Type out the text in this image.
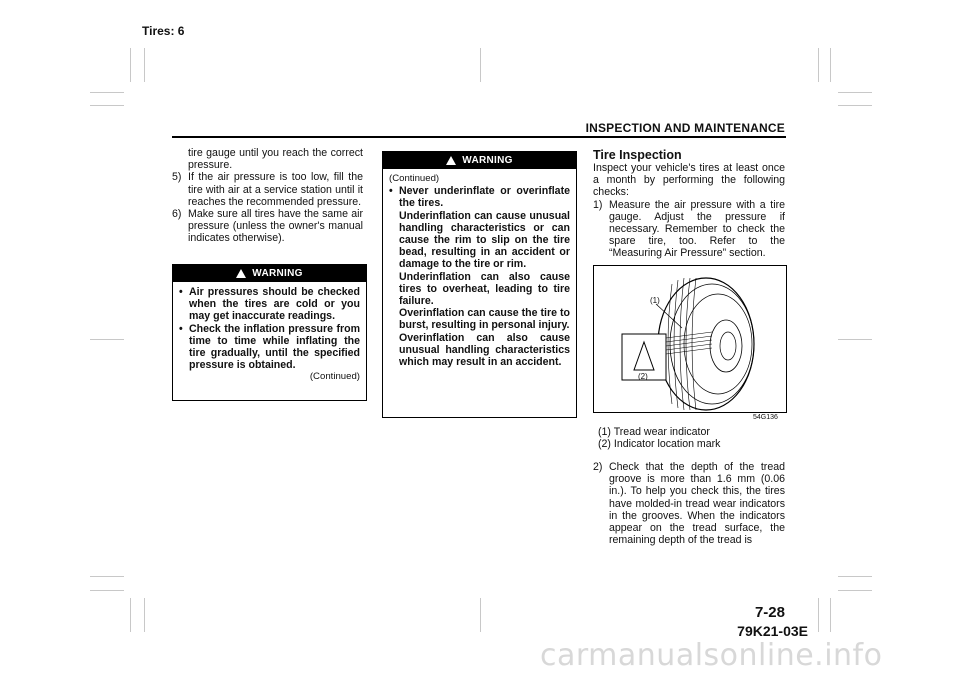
Tires: 6
INSPECTION AND MAINTENANCE
tire gauge until you reach the correct pressure.
5) If the air pressure is too low, fill the tire with air at a service station until it reaches the recommended pressure.
6) Make sure all tires have the same air pressure (unless the owner's manual indicates otherwise).
WARNING
• Air pressures should be checked when the tires are cold or you may get inaccurate readings.
• Check the inflation pressure from time to time while inflating the tire gradually, until the specified pressure is obtained.
(Continued)
WARNING
(Continued)
• Never underinflate or overinflate the tires.
Underinflation can cause unusual handling characteristics or can cause the rim to slip on the tire bead, resulting in an accident or damage to the tire or rim.
Underinflation can also cause tires to overheat, leading to tire failure.
Overinflation can cause the tire to burst, resulting in personal injury.
Overinflation can also cause unusual handling characteristics which may result in an accident.
Tire Inspection
Inspect your vehicle's tires at least once a month by performing the following checks:
1) Measure the air pressure with a tire gauge. Adjust the pressure if necessary. Remember to check the spare tire, too. Refer to the “Measuring Air Pressure” section.
(1)
(2)
54G136
(1) Tread wear indicator
(2) Indicator location mark
2) Check that the depth of the tread groove is more than 1.6 mm (0.06 in.). To help you check this, the tires have molded-in tread wear indicators in the grooves. When the indicators appear on the tread surface, the remaining depth of the tread is
7-28
79K21-03E
carmanualsonline.info
